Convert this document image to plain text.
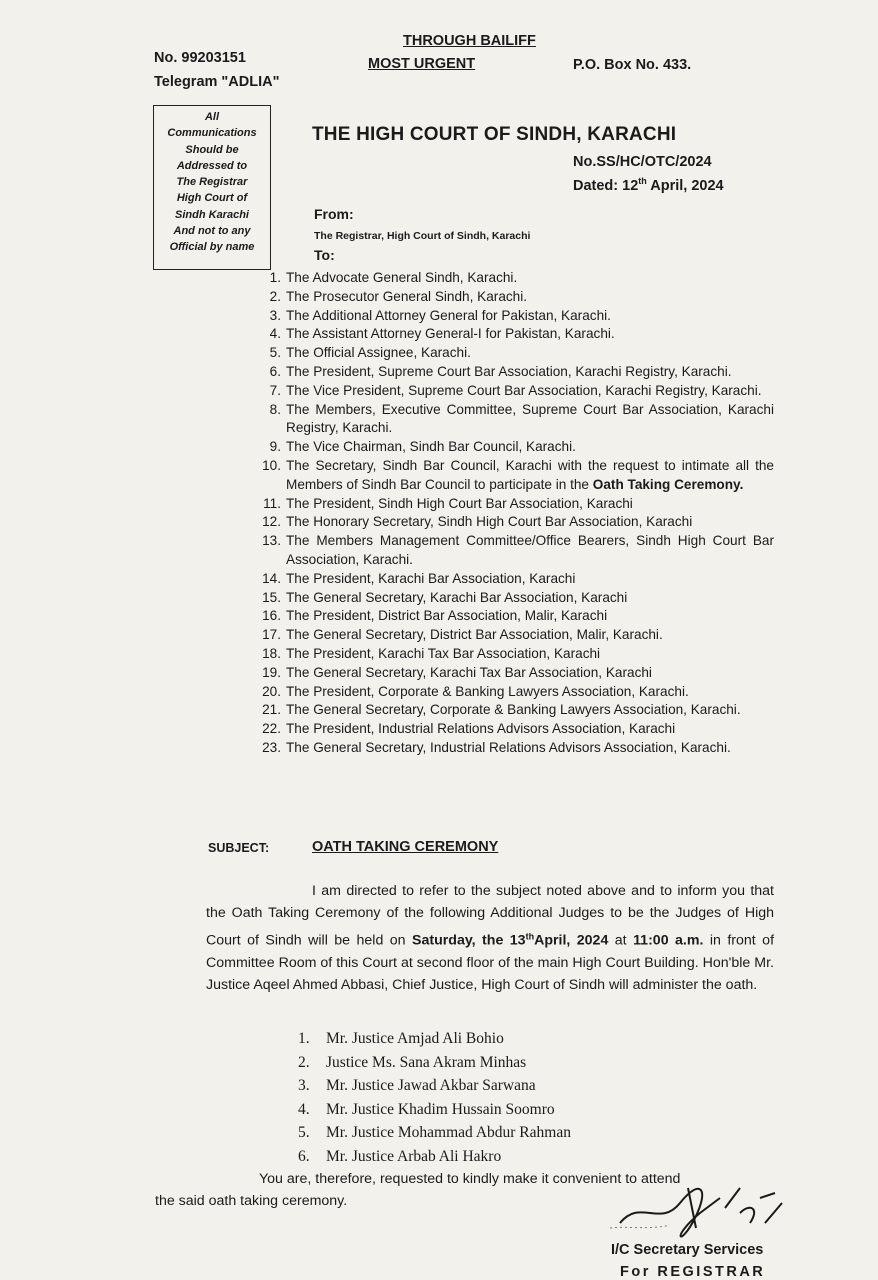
No. 99203151
Telegram "ADLIA"
THROUGH BAILIFF
MOST URGENT	P.O. Box No. 433.
All
Communications
Should be
Addressed to
The Registrar
High Court of
Sindh Karachi
And not to any
Official by name
THE HIGH COURT OF SINDH, KARACHI
No.SS/HC/OTC/2024
Dated: 12th April, 2024
From:
The Registrar, High Court of Sindh, Karachi
To:
1. The Advocate General Sindh, Karachi.
2. The Prosecutor General Sindh, Karachi.
3. The Additional Attorney General for Pakistan, Karachi.
4. The Assistant Attorney General-I for Pakistan, Karachi.
5. The Official Assignee, Karachi.
6. The President, Supreme Court Bar Association, Karachi Registry, Karachi.
7. The Vice President, Supreme Court Bar Association, Karachi Registry, Karachi.
8. The Members, Executive Committee, Supreme Court Bar Association, Karachi Registry, Karachi.
9. The Vice Chairman, Sindh Bar Council, Karachi.
10. The Secretary, Sindh Bar Council, Karachi with the request to intimate all the Members of Sindh Bar Council to participate in the Oath Taking Ceremony.
11. The President, Sindh High Court Bar Association, Karachi
12. The Honorary Secretary, Sindh High Court Bar Association, Karachi
13. The Members Management Committee/Office Bearers, Sindh High Court Bar Association, Karachi.
14. The President, Karachi Bar Association, Karachi
15. The General Secretary, Karachi Bar Association, Karachi
16. The President, District Bar Association, Malir, Karachi
17. The General Secretary, District Bar Association, Malir, Karachi.
18. The President, Karachi Tax Bar Association, Karachi
19. The General Secretary, Karachi Tax Bar Association, Karachi
20. The President, Corporate & Banking Lawyers Association, Karachi.
21. The General Secretary, Corporate & Banking Lawyers Association, Karachi.
22. The President, Industrial Relations Advisors Association, Karachi
23. The General Secretary, Industrial Relations Advisors Association, Karachi.
SUBJECT:	OATH TAKING CEREMONY

I am directed to refer to the subject noted above and to inform you that the Oath Taking Ceremony of the following Additional Judges to be the Judges of High Court of Sindh will be held on Saturday, the 13thApril, 2024 at 11:00 a.m. in front of Committee Room of this Court at second floor of the main High Court Building. Hon'ble Mr. Justice Aqeel Ahmed Abbasi, Chief Justice, High Court of Sindh will administer the oath.

1.	Mr. Justice Amjad Ali Bohio
2.	Justice Ms. Sana Akram Minhas
3.	Mr. Justice Jawad Akbar Sarwana
4.	Mr. Justice Khadim Hussain Soomro
5.	Mr. Justice Mohammad Abdur Rahman
6.	Mr. Justice Arbab Ali Hakro

You are, therefore, requested to kindly make it convenient to attend

the said oath taking ceremony.

I/C Secretary Services
For REGISTRAR
